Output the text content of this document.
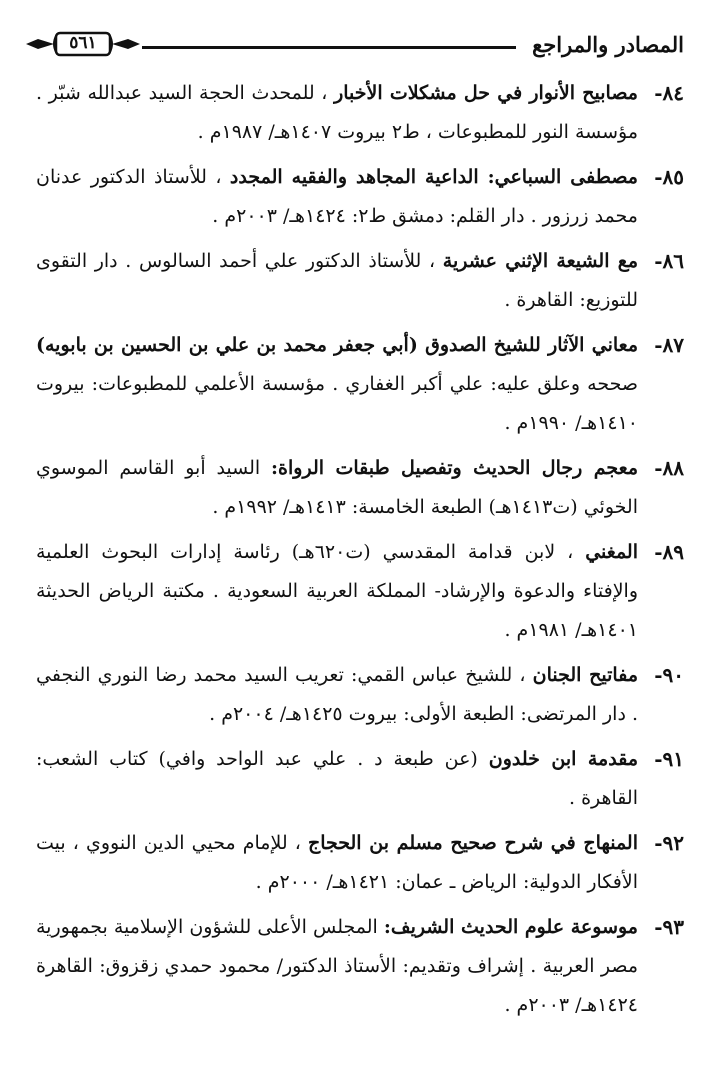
المصادر والمراجع
٥٦١
٨٤-
مصابيح الأنوار في حل مشكلات الأخبار ، للمحدث الحجة السيد عبدالله شبّر . مؤسسة النور للمطبوعات ، ط٢ بيروت ١٤٠٧هـ/ ١٩٨٧م .
٨٥-
مصطفى السباعي: الداعية المجاهد والفقيه المجدد ، للأستاذ الدكتور عدنان محمد زرزور . دار القلم: دمشق ط٢: ١٤٢٤هـ/ ٢٠٠٣م .
٨٦-
مع الشيعة الإثني عشرية ، للأستاذ الدكتور علي أحمد السالوس . دار التقوى للتوزيع: القاهرة .
٨٧-
معاني الآثار للشيخ الصدوق (أبي جعفر محمد بن علي بن الحسين بن بابويه) صححه وعلق عليه: علي أكبر الغفاري . مؤسسة الأعلمي للمطبوعات: بيروت ١٤١٠هـ/ ١٩٩٠م .
٨٨-
معجم رجال الحديث وتفصيل طبقات الرواة: السيد أبو القاسم الموسوي الخوئي (ت١٤١٣هـ) الطبعة الخامسة: ١٤١٣هـ/ ١٩٩٢م .
٨٩-
المغني ، لابن قدامة المقدسي (ت٦٢٠هـ) رئاسة إدارات البحوث العلمية والإفتاء والدعوة والإرشاد- المملكة العربية السعودية . مكتبة الرياض الحديثة ١٤٠١هـ/ ١٩٨١م .
٩٠-
مفاتيح الجنان ، للشيخ عباس القمي: تعريب السيد محمد رضا النوري النجفي . دار المرتضى: الطبعة الأولى: بيروت ١٤٢٥هـ/ ٢٠٠٤م .
٩١-
مقدمة ابن خلدون (عن طبعة د . علي عبد الواحد وافي) كتاب الشعب: القاهرة .
٩٢-
المنهاج في شرح صحيح مسلم بن الحجاج ، للإمام محيي الدين النووي ، بيت الأفكار الدولية: الرياض ـ عمان: ١٤٢١هـ/ ٢٠٠٠م .
٩٣-
موسوعة علوم الحديث الشريف: المجلس الأعلى للشؤون الإسلامية بجمهورية مصر العربية . إشراف وتقديم: الأستاذ الدكتور/ محمود حمدي زقزوق: القاهرة ١٤٢٤هـ/ ٢٠٠٣م .
